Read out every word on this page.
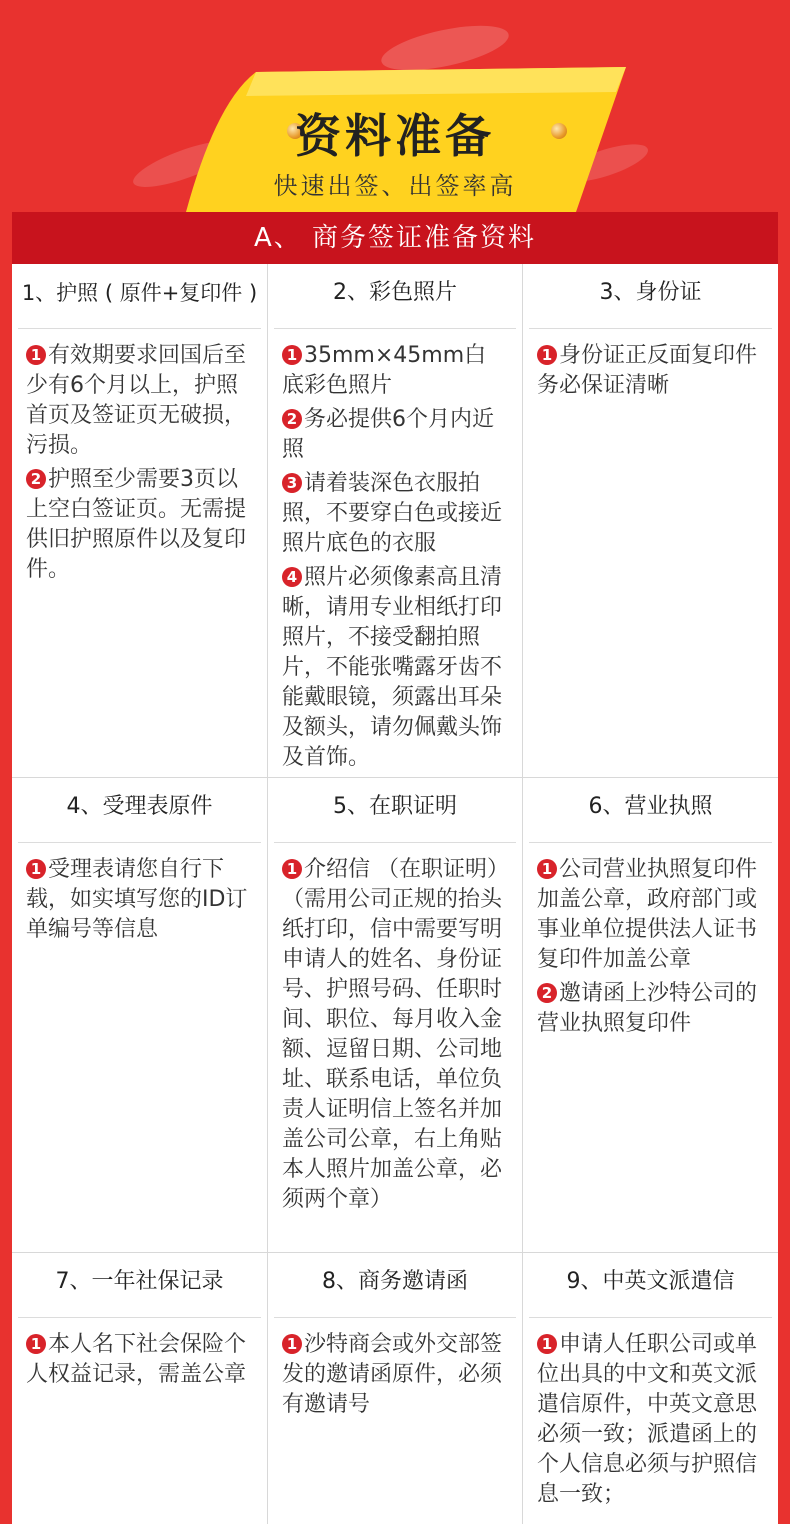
资料准备
快速出签、出签率高
A、 商务签证准备资料
1、护照 ( 原件+复印件 )
1 有效期要求回国后至少有6个月以上，护照首页及签证页无破损，污损。
2 护照至少需要3页以上空白签证页。无需提供旧护照原件以及复印件。
2、彩色照片
1 35mm×45mm白底彩色照片
2 务必提供6个月内近照
3 请着装深色衣服拍照，不要穿白色或接近照片底色的衣服
4 照片必须像素高且清晰，请用专业相纸打印照片，不接受翻拍照片，不能张嘴露牙齿不能戴眼镜，须露出耳朵及额头，请勿佩戴头饰及首饰。
3、身份证
1 身份证正反面复印件务必保证清晰
4、受理表原件
1 受理表请您自行下载，如实填写您的ID订单编号等信息
5、在职证明
1 介绍信 （在职证明）（需用公司正规的抬头纸打印，信中需要写明申请人的姓名、身份证号、护照号码、任职时间、职位、每月收入金额、逗留日期、公司地址、联系电话，单位负责人证明信上签名并加盖公司公章，右上角贴本人照片加盖公章，必须两个章）
6、营业执照
1 公司营业执照复印件加盖公章，政府部门或事业单位提供法人证书复印件加盖公章
2 邀请函上沙特公司的营业执照复印件
7、一年社保记录
1 本人名下社会保险个人权益记录，需盖公章
8、商务邀请函
1 沙特商会或外交部签发的邀请函原件，必须有邀请号
9、中英文派遣信
1 申请人任职公司或单位出具的中文和英文派遣信原件，中英文意思必须一致；派遣函上的个人信息必须与护照信息一致；
